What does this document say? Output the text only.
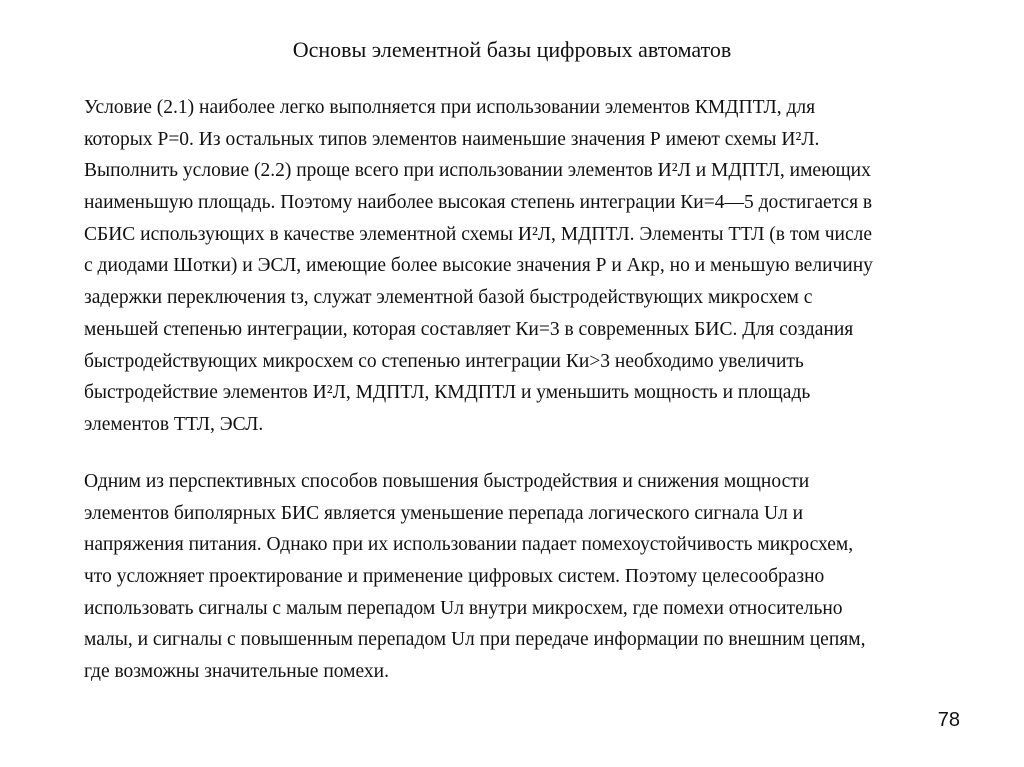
Основы элементной базы цифровых автоматов
Условие (2.1) наиболее легко выполняется при использовании элементов КМДПТЛ, для
которых Р=0. Из остальных типов элементов наименьшие значения Р имеют схемы И²Л.
Выполнить условие (2.2) проще всего при использовании элементов И²Л и МДПТЛ, имеющих
наименьшую площадь. Поэтому наиболее высокая степень интеграции Ки=4—5 достигается в
СБИС использующих в качестве элементной схемы И²Л, МДПТЛ. Элементы ТТЛ (в том числе
с диодами Шотки) и ЭСЛ, имеющие более высокие значения Р и Акр, но и меньшую величину
задержки переключения tз, служат элементной базой быстродействующих микросхем с
меньшей степенью интеграции, которая составляет Ки=3 в современных БИС. Для создания
быстродействующих микросхем со степенью интеграции Ки>3 необходимо увеличить
быстродействие элементов И²Л, МДПТЛ, КМДПТЛ и уменьшить мощность и площадь
элементов ТТЛ, ЭСЛ.
Одним из перспективных способов повышения быстродействия и снижения мощности
элементов биполярных БИС является уменьшение перепада логического сигнала Uл и
напряжения питания. Однако при их использовании падает помехоустойчивость микросхем,
что усложняет проектирование и применение цифровых систем. Поэтому целесообразно
использовать сигналы с малым перепадом Uл внутри микросхем, где помехи относительно
малы, и сигналы с повышенным перепадом Uл при передаче информации по внешним цепям,
где возможны значительные помехи.
78
